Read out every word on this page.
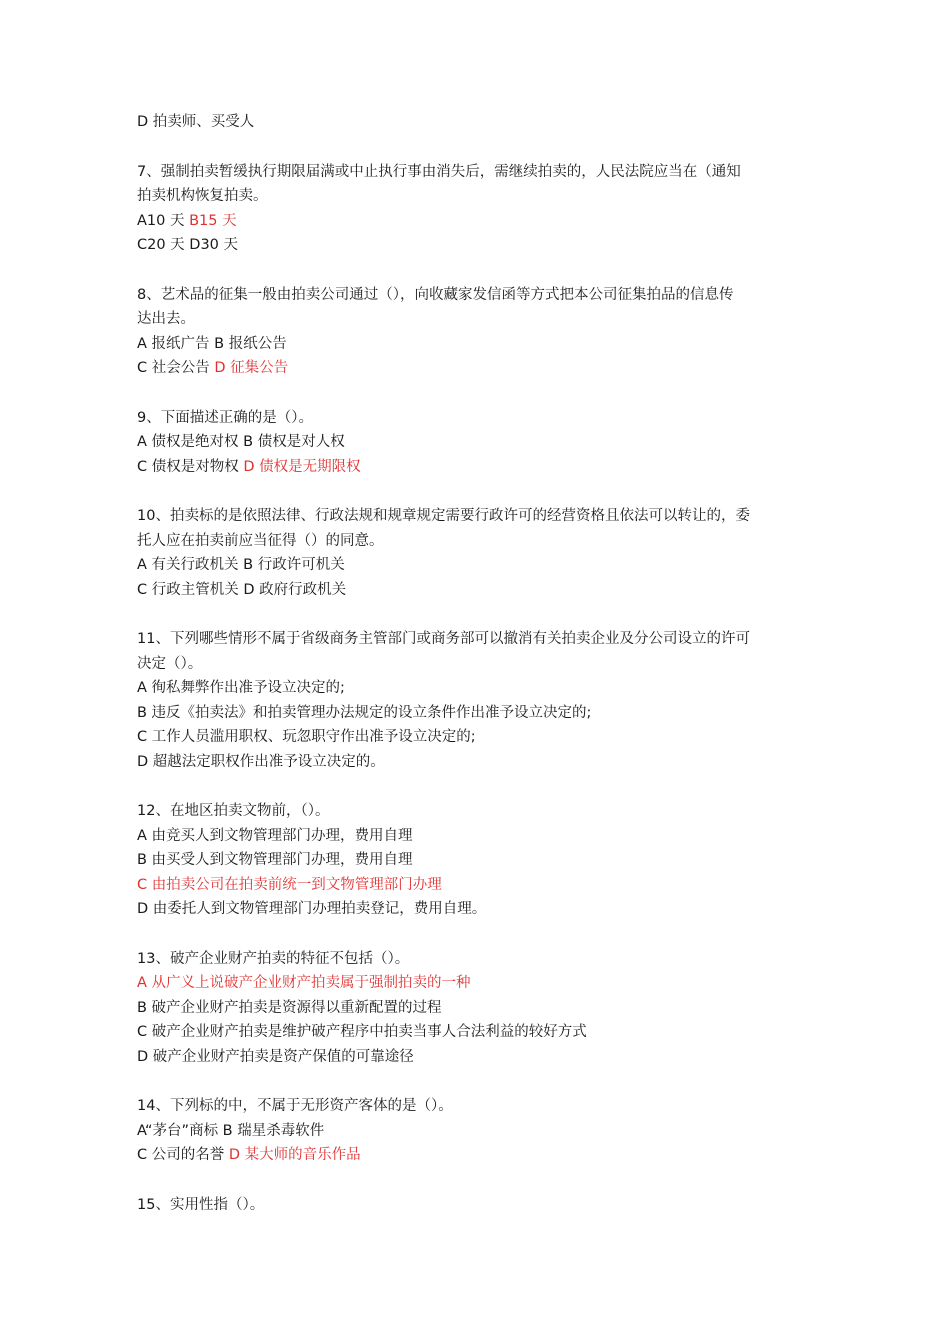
D 拍卖师、买受人
7、强制拍卖暂缓执行期限届满或中止执行事由消失后，需继续拍卖的，人民法院应当在（通知
拍卖机构恢复拍卖。
A10 天 B15 天
C20 天 D30 天
8、艺术品的征集一般由拍卖公司通过（），向收藏家发信函等方式把本公司征集拍品的信息传
达出去。
A 报纸广告 B 报纸公告
C 社会公告 D 征集公告
9、下面描述正确的是（）。
A 债权是绝对权 B 债权是对人权
C 债权是对物权 D 债权是无期限权
10、拍卖标的是依照法律、行政法规和规章规定需要行政许可的经营资格且依法可以转让的，委
托人应在拍卖前应当征得（）的同意。
A 有关行政机关 B 行政许可机关
C 行政主管机关 D 政府行政机关
11、下列哪些情形不属于省级商务主管部门或商务部可以撤消有关拍卖企业及分公司设立的许可
决定（）。
A 徇私舞弊作出准予设立决定的;
B 违反《拍卖法》和拍卖管理办法规定的设立条件作出准予设立决定的;
C 工作人员滥用职权、玩忽职守作出准予设立决定的;
D 超越法定职权作出准予设立决定的。
12、在地区拍卖文物前，（）。
A 由竞买人到文物管理部门办理，费用自理
B 由买受人到文物管理部门办理，费用自理
C 由拍卖公司在拍卖前统一到文物管理部门办理
D 由委托人到文物管理部门办理拍卖登记，费用自理。
13、破产企业财产拍卖的特征不包括（）。
A 从广义上说破产企业财产拍卖属于强制拍卖的一种
B 破产企业财产拍卖是资源得以重新配置的过程
C 破产企业财产拍卖是维护破产程序中拍卖当事人合法利益的较好方式
D 破产企业财产拍卖是资产保值的可靠途径
14、下列标的中，不属于无形资产客体的是（）。
A“茅台”商标 B 瑞星杀毒软件
C 公司的名誉 D 某大师的音乐作品
15、实用性指（）。
